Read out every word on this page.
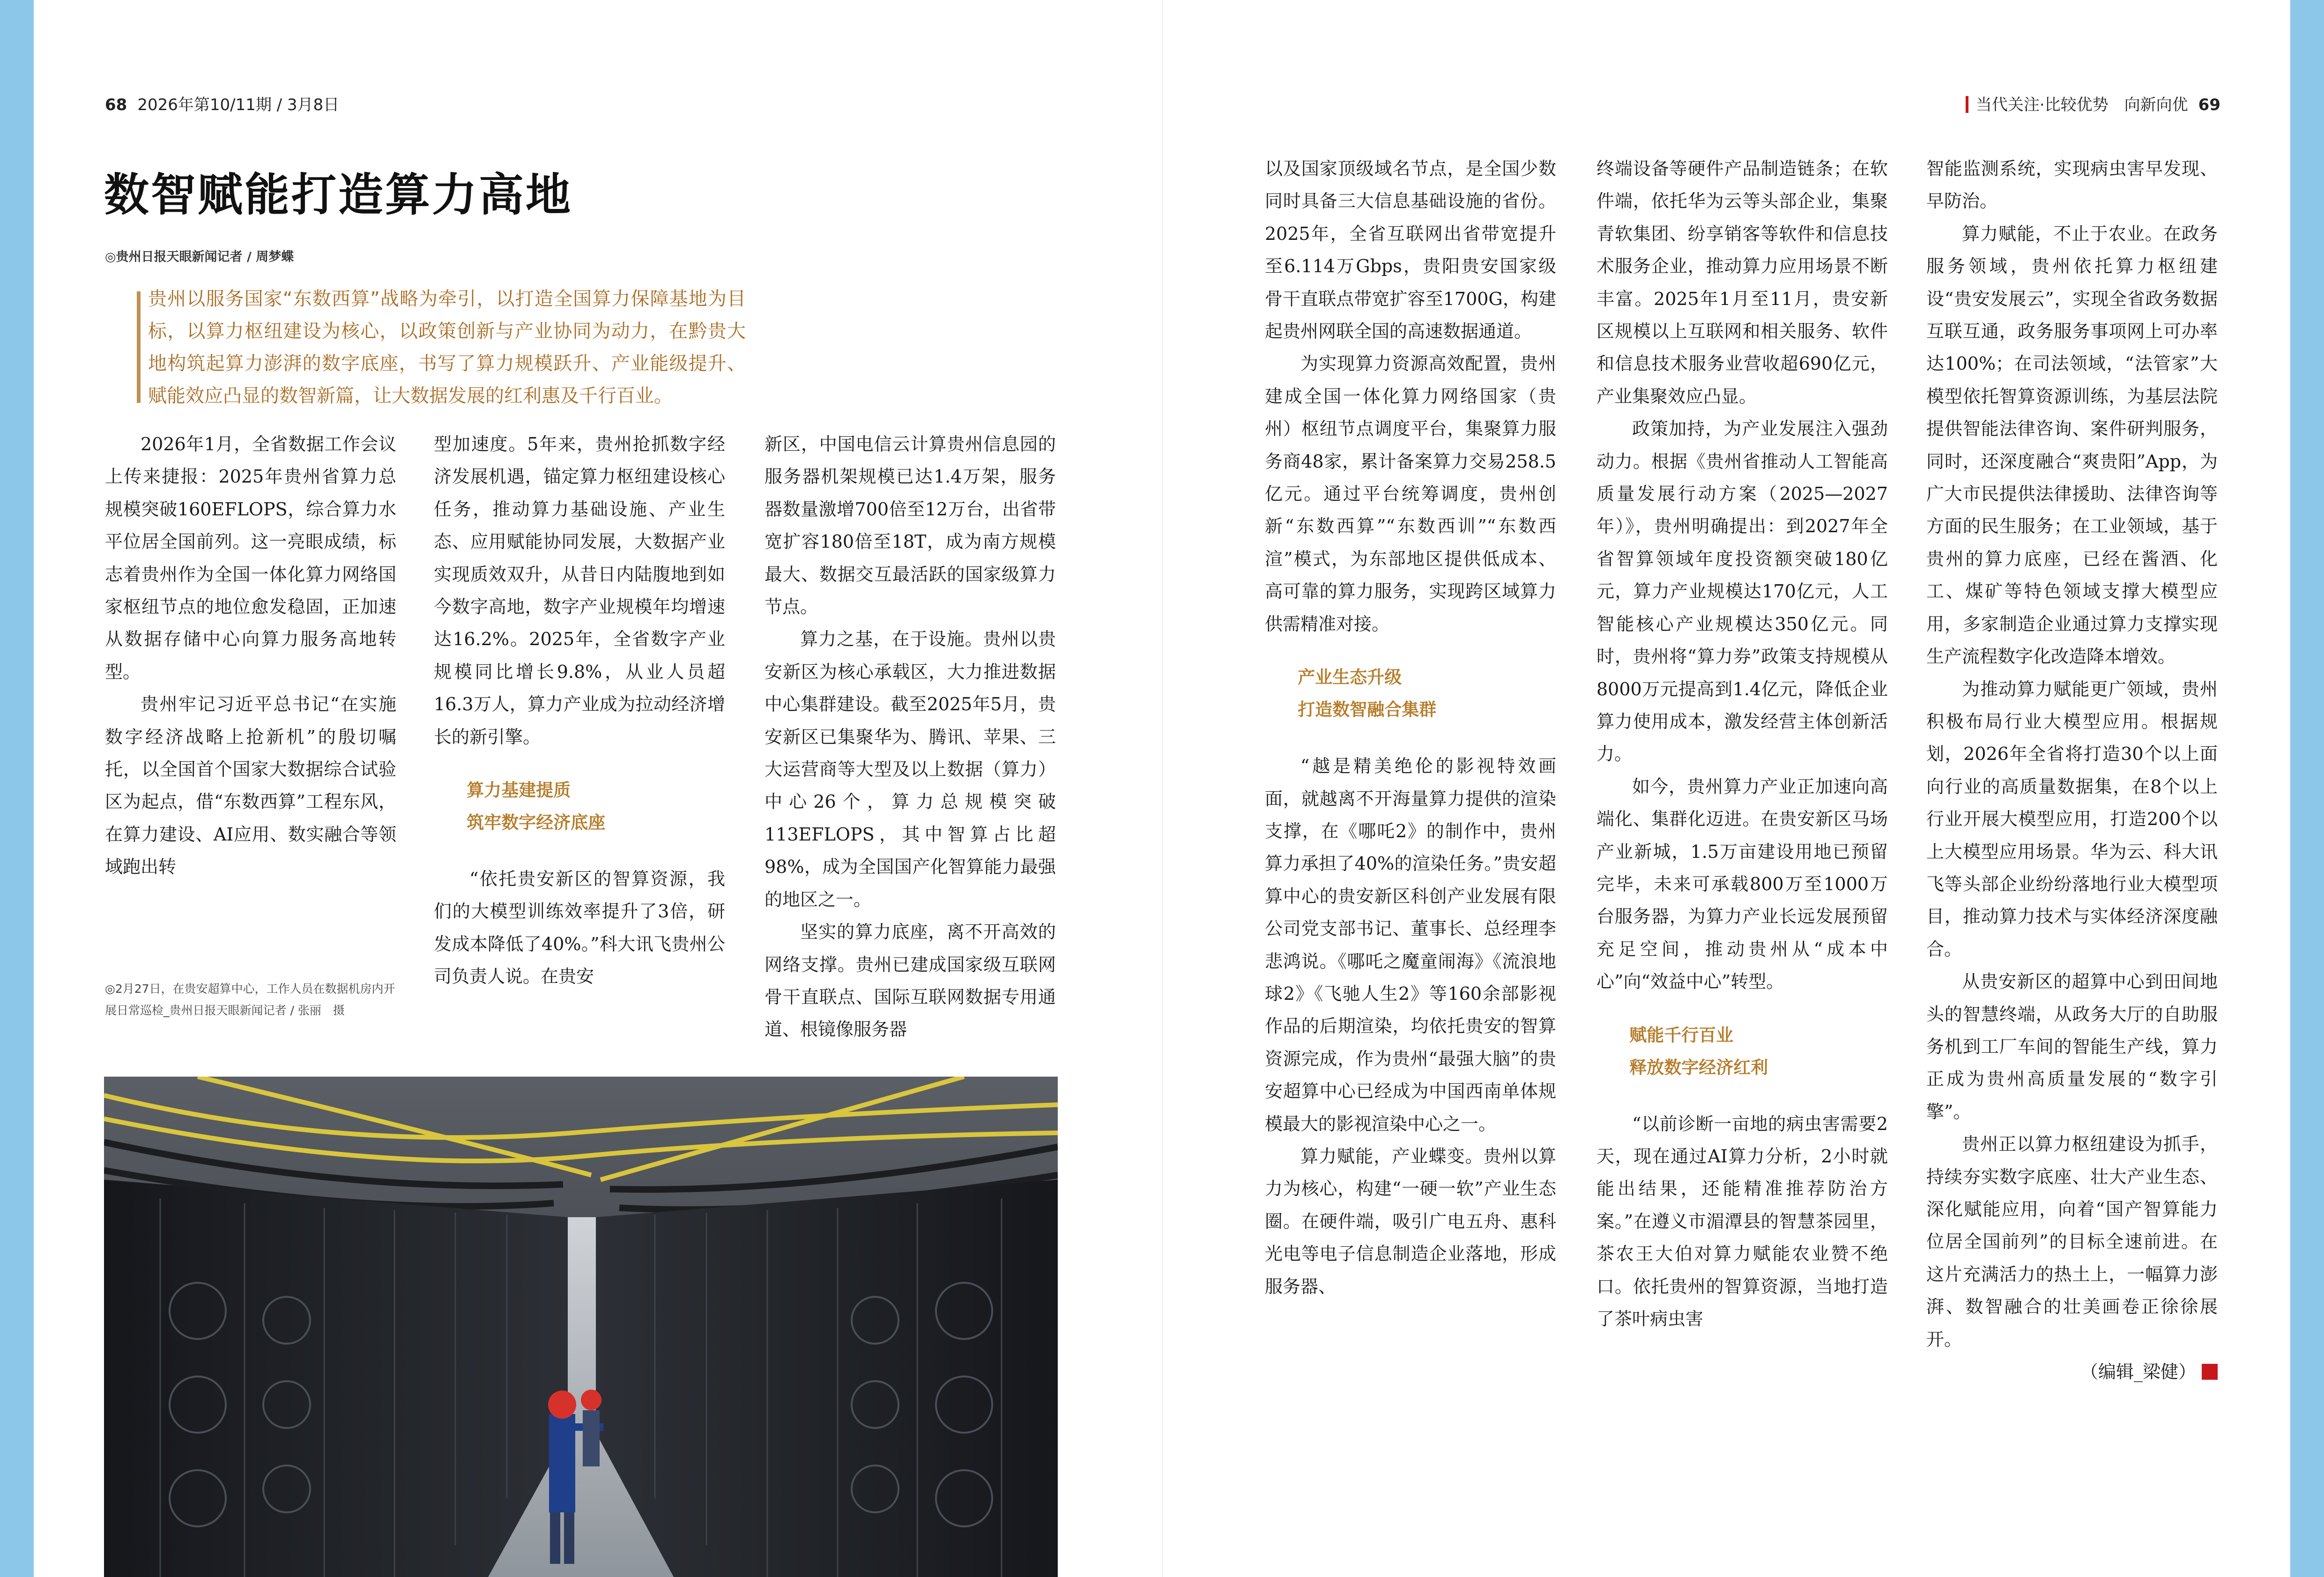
68 2026年第10/11期 / 3月8日	当代关注·比较优势　向新向优 69
数智赋能打造算力高地
◎贵州日报天眼新闻记者 / 周梦蝶
贵州以服务国家“东数西算”战略为牵引，以打造全国算力保障基地为目标，以算力枢纽建设为核心，以政策创新与产业协同为动力，在黔贵大地构筑起算力澎湃的数字底座，书写了算力规模跃升、产业能级提升、赋能效应凸显的数智新篇，让大数据发展的红利惠及千行百业。

2026年1月，全省数据工作会议上传来捷报：2025年贵州省算力总规模突破160EFLOPS，综合算力水平位居全国前列。这一亮眼成绩，标志着贵州作为全国一体化算力网络国家枢纽节点的地位愈发稳固，正加速从数据存储中心向算力服务高地转型。

贵州牢记习近平总书记“在实施数字经济战略上抢新机”的殷切嘱托，以全国首个国家大数据综合试验区为起点，借“东数西算”工程东风，在算力建设、AI应用、数实融合等领域跑出转

◎2月27日，在贵安超算中心，工作人员在数据机房内开展日常巡检_贵州日报天眼新闻记者 / 张丽　摄

型加速度。5年来，贵州抢抓数字经济发展机遇，锚定算力枢纽建设核心任务，推动算力基础设施、产业生态、应用赋能协同发展，大数据产业实现质效双升，从昔日内陆腹地到如今数字高地，数字产业规模年均增速达16.2%。2025年，全省数字产业规模同比增长9.8%，从业人员超16.3万人，算力产业成为拉动经济增长的新引擎。

算力基建提质
筑牢数字经济底座

“依托贵安新区的智算资源，我们的大模型训练效率提升了3倍，研发成本降低了40%。”科大讯飞贵州公司负责人说。在贵安

新区，中国电信云计算贵州信息园的服务器机架规模已达1.4万架，服务器数量激增700倍至12万台，出省带宽扩容180倍至18T，成为南方规模最大、数据交互最活跃的国家级算力节点。

算力之基，在于设施。贵州以贵安新区为核心承载区，大力推进数据中心集群建设。截至2025年5月，贵安新区已集聚华为、腾讯、苹果、三大运营商等大型及以上数据（算力）中心26个，算力总规模突破113EFLOPS，其中智算占比超98%，成为全国国产化智算能力最强的地区之一。

坚实的算力底座，离不开高效的网络支撑。贵州已建成国家级互联网骨干直联点、国际互联网数据专用通道、根镜像服务器

以及国家顶级域名节点，是全国少数同时具备三大信息基础设施的省份。2025年，全省互联网出省带宽提升至6.114万Gbps，贵阳贵安国家级骨干直联点带宽扩容至1700G，构建起贵州网联全国的高速数据通道。

为实现算力资源高效配置，贵州建成全国一体化算力网络国家（贵州）枢纽节点调度平台，集聚算力服务商48家，累计备案算力交易258.5亿元。通过平台统筹调度，贵州创新“东数西算”“东数西训”“东数西渲”模式，为东部地区提供低成本、高可靠的算力服务，实现跨区域算力供需精准对接。

产业生态升级
打造数智融合集群

“越是精美绝伦的影视特效画面，就越离不开海量算力提供的渲染支撑，在《哪吒2》的制作中，贵州算力承担了40%的渲染任务。”贵安超算中心的贵安新区科创产业发展有限公司党支部书记、董事长、总经理李悲鸿说。《哪吒之魔童闹海》《流浪地球2》《飞驰人生2》等160余部影视作品的后期渲染，均依托贵安的智算资源完成，作为贵州“最强大脑”的贵安超算中心已经成为中国西南单体规模最大的影视渲染中心之一。

算力赋能，产业蝶变。贵州以算力为核心，构建“一硬一软”产业生态圈。在硬件端，吸引广电五舟、惠科光电等电子信息制造企业落地，形成服务器、

终端设备等硬件产品制造链条；在软件端，依托华为云等头部企业，集聚青软集团、纷享销客等软件和信息技术服务企业，推动算力应用场景不断丰富。2025年1月至11月，贵安新区规模以上互联网和相关服务、软件和信息技术服务业营收超690亿元，产业集聚效应凸显。

政策加持，为产业发展注入强劲动力。根据《贵州省推动人工智能高质量发展行动方案（2025—2027年）》，贵州明确提出：到2027年全省智算领域年度投资额突破180亿元，算力产业规模达170亿元，人工智能核心产业规模达350亿元。同时，贵州将“算力券”政策支持规模从8000万元提高到1.4亿元，降低企业算力使用成本，激发经营主体创新活力。

如今，贵州算力产业正加速向高端化、集群化迈进。在贵安新区马场产业新城，1.5万亩建设用地已预留完毕，未来可承载800万至1000万台服务器，为算力产业长远发展预留充足空间，推动贵州从“成本中心”向“效益中心”转型。

赋能千行百业
释放数字经济红利

“以前诊断一亩地的病虫害需要2天，现在通过AI算力分析，2小时就能出结果，还能精准推荐防治方案。”在遵义市湄潭县的智慧茶园里，茶农王大伯对算力赋能农业赞不绝口。依托贵州的智算资源，当地打造了茶叶病虫害

智能监测系统，实现病虫害早发现、早防治。

算力赋能，不止于农业。在政务服务领域，贵州依托算力枢纽建设“贵安发展云”，实现全省政务数据互联互通，政务服务事项网上可办率达100%；在司法领域，“法管家”大模型依托智算资源训练，为基层法院提供智能法律咨询、案件研判服务，同时，还深度融合“爽贵阳”App，为广大市民提供法律援助、法律咨询等方面的民生服务；在工业领域，基于贵州的算力底座，已经在酱酒、化工、煤矿等特色领域支撑大模型应用，多家制造企业通过算力支撑实现生产流程数字化改造降本增效。

为推动算力赋能更广领域，贵州积极布局行业大模型应用。根据规划，2026年全省将打造30个以上面向行业的高质量数据集，在8个以上行业开展大模型应用，打造200个以上大模型应用场景。华为云、科大讯飞等头部企业纷纷落地行业大模型项目，推动算力技术与实体经济深度融合。

从贵安新区的超算中心到田间地头的智慧终端，从政务大厅的自助服务机到工厂车间的智能生产线，算力正成为贵州高质量发展的“数字引擎”。

贵州正以算力枢纽建设为抓手，持续夯实数字底座、壮大产业生态、深化赋能应用，向着“国产智算能力位居全国前列”的目标全速前进。在这片充满活力的热土上，一幅算力澎湃、数智融合的壮美画卷正徐徐展开。

（编辑_梁健）
